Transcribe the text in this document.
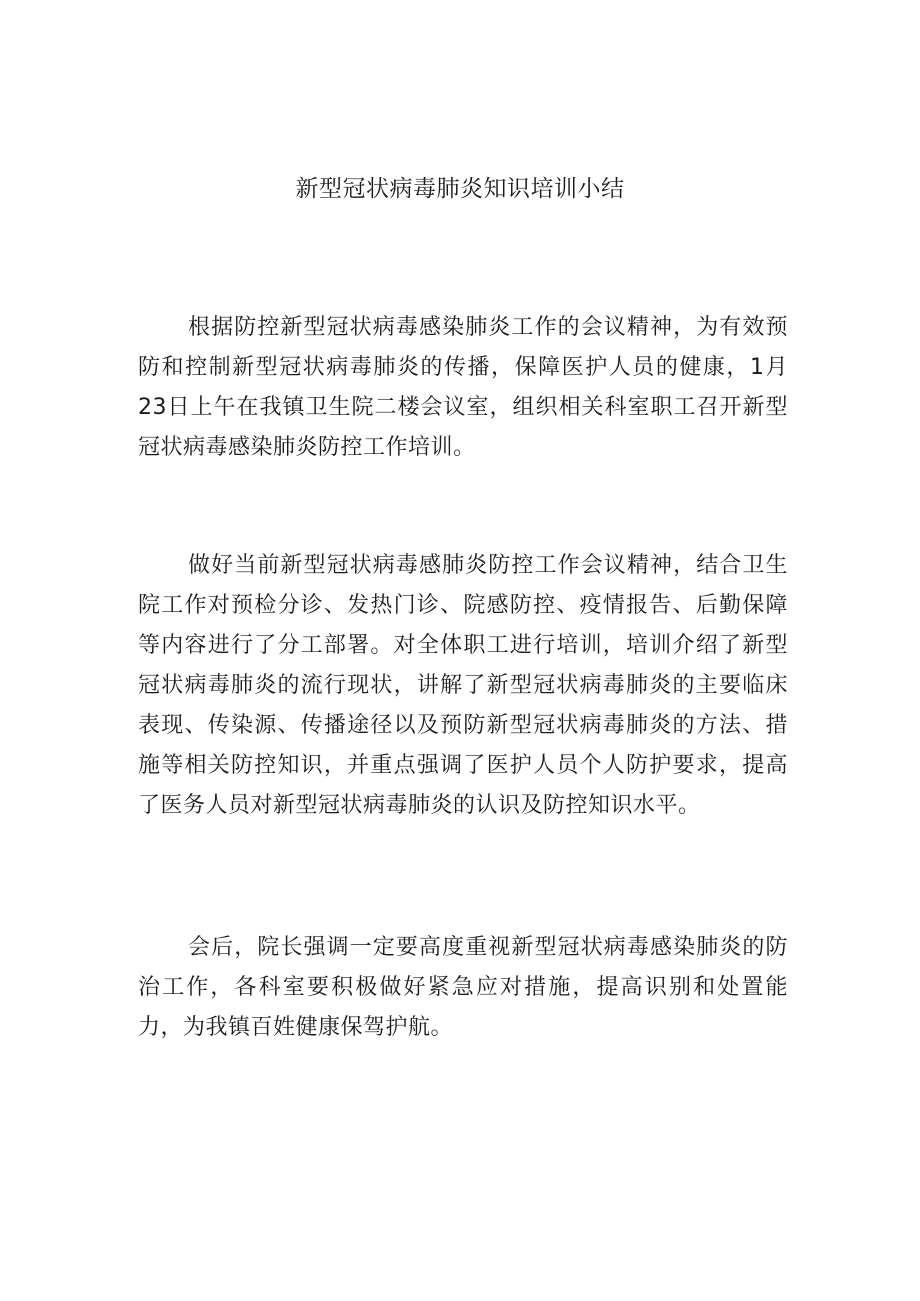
新型冠状病毒肺炎知识培训小结

根据防控新型冠状病毒感染肺炎工作的会议精神，为有效预防和控制新型冠状病毒肺炎的传播，保障医护人员的健康，1月23日上午在我镇卫生院二楼会议室，组织相关科室职工召开新型冠状病毒感染肺炎防控工作培训。

做好当前新型冠状病毒感肺炎防控工作会议精神，结合卫生院工作对预检分诊、发热门诊、院感防控、疫情报告、后勤保障等内容进行了分工部署。对全体职工进行培训，培训介绍了新型冠状病毒肺炎的流行现状，讲解了新型冠状病毒肺炎的主要临床表现、传染源、传播途径以及预防新型冠状病毒肺炎的方法、措施等相关防控知识，并重点强调了医护人员个人防护要求，提高了医务人员对新型冠状病毒肺炎的认识及防控知识水平。

会后，院长强调一定要高度重视新型冠状病毒感染肺炎的防治工作，各科室要积极做好紧急应对措施，提高识别和处置能力，为我镇百姓健康保驾护航。
